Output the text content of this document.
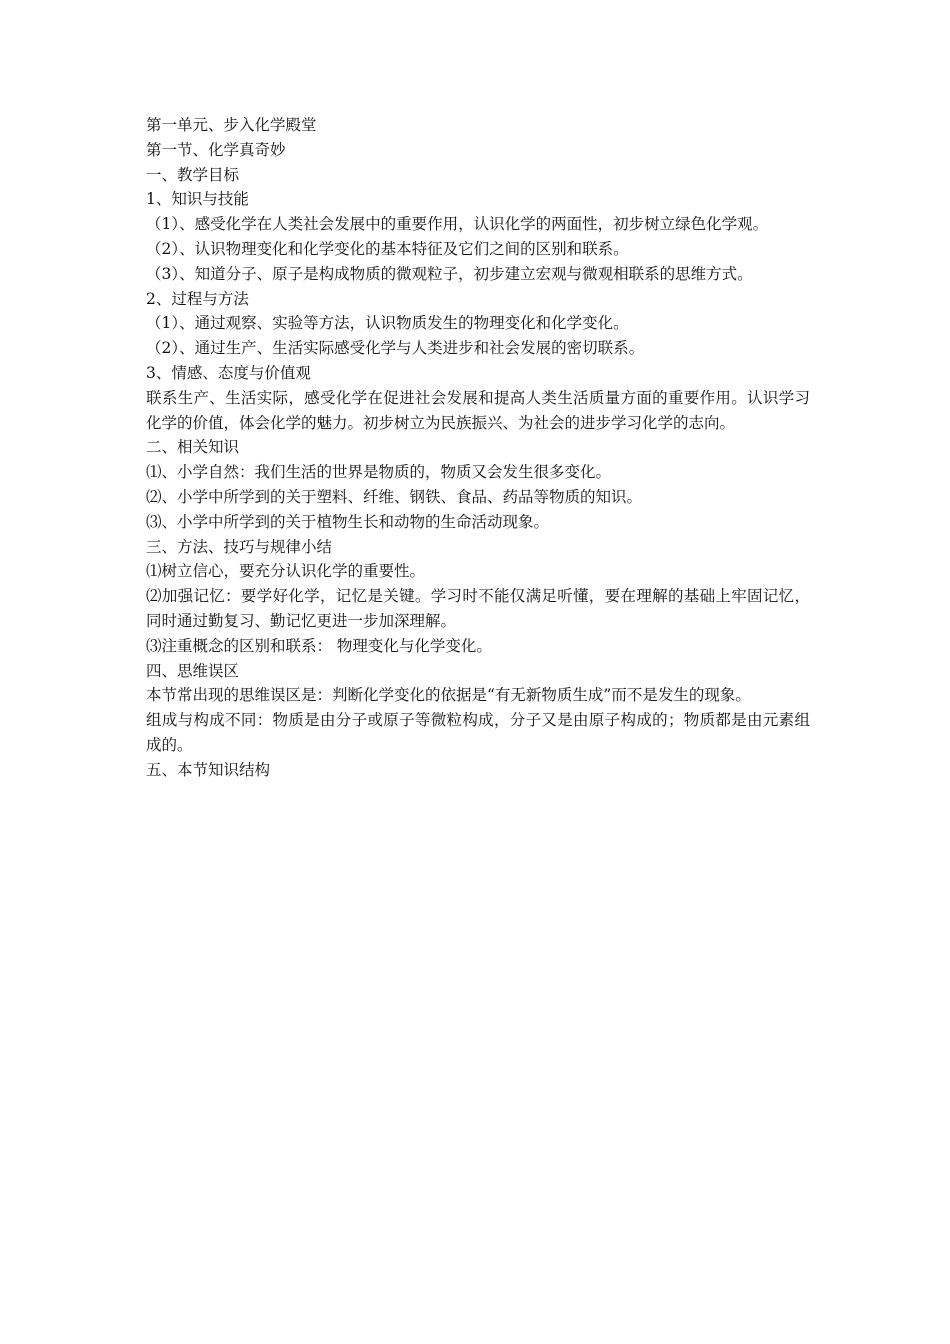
第一单元、步入化学殿堂

第一节、化学真奇妙

一、教学目标

1、知识与技能

（1）、感受化学在人类社会发展中的重要作用，认识化学的两面性，初步树立绿色化学观。

（2）、认识物理变化和化学变化的基本特征及它们之间的区别和联系。

（3）、知道分子、原子是构成物质的微观粒子，初步建立宏观与微观相联系的思维方式。

2、过程与方法

（1）、通过观察、实验等方法，认识物质发生的物理变化和化学变化。

（2）、通过生产、生活实际感受化学与人类进步和社会发展的密切联系。

3、情感、态度与价值观

联系生产、生活实际，感受化学在促进社会发展和提高人类生活质量方面的重要作用。认识学习化学的价值，体会化学的魅力。初步树立为民族振兴、为社会的进步学习化学的志向。

二、相关知识

⑴、小学自然：我们生活的世界是物质的，物质又会发生很多变化。

⑵、小学中所学到的关于塑料、纤维、钢铁、食品、药品等物质的知识。

⑶、小学中所学到的关于植物生长和动物的生命活动现象。

三、方法、技巧与规律小结

⑴树立信心，要充分认识化学的重要性。

⑵加强记忆：要学好化学，记忆是关键。学习时不能仅满足听懂，要在理解的基础上牢固记忆，同时通过勤复习、勤记忆更进一步加深理解。

⑶注重概念的区别和联系： 物理变化与化学变化。

四、思维误区

本节常出现的思维误区是：判断化学变化的依据是“有无新物质生成”而不是发生的现象。

组成与构成不同：物质是由分子或原子等微粒构成，分子又是由原子构成的；物质都是由元素组成的。

五、本节知识结构
